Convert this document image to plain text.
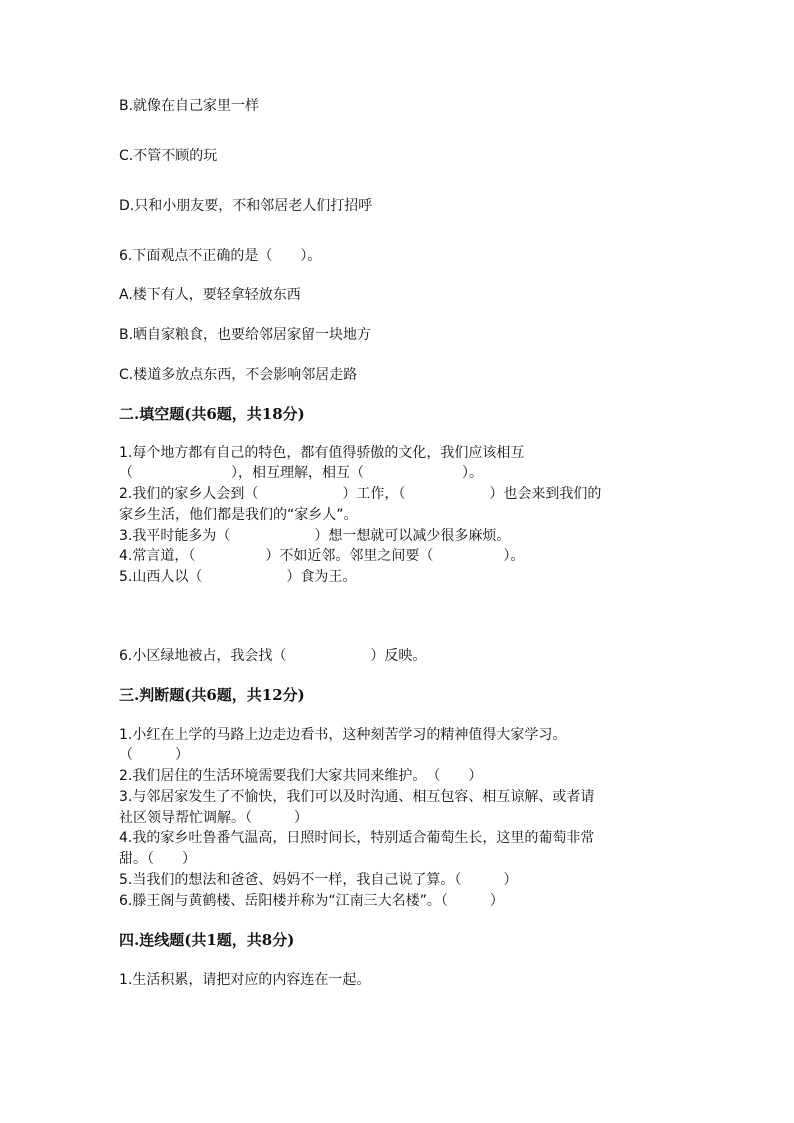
B.就像在自己家里一样
C.不管不顾的玩
D.只和小朋友要，不和邻居老人们打招呼
6.下面观点不正确的是（　　）。
A.楼下有人，要轻拿轻放东西
B.晒自家粮食，也要给邻居家留一块地方
C.楼道多放点东西，不会影响邻居走路
二.填空题(共6题，共18分)
1.每个地方都有自己的特色，都有值得骄傲的文化，我们应该相互
（　　　　　　　），相互理解，相互（　　　　　　　）。
2.我们的家乡人会到（　　　　　　）工作，（　　　　　　）也会来到我们的
家乡生活，他们都是我们的“家乡人”。
3.我平时能多为（　　　　　　）想一想就可以减少很多麻烦。
4.常言道，（　　　　　）不如近邻。邻里之间要（　　　　　）。
5.山西人以（　　　　　　）食为王。
6.小区绿地被占，我会找（　　　　　　）反映。
三.判断题(共6题，共12分)
1.小红在上学的马路上边走边看书，这种刻苦学习的精神值得大家学习。
（　　　）
2.我们居住的生活环境需要我们大家共同来维护。　（　　）
3.与邻居家发生了不愉快，我们可以及时沟通、相互包容、相互谅解、或者请
社区领导帮忙调解。（　　　）
4.我的家乡吐鲁番气温高，日照时间长，特别适合葡萄生长，这里的葡萄非常
甜。（　　）
5.当我们的想法和爸爸、妈妈不一样，我自己说了算。（　　　）
6.滕王阁与黄鹤楼、岳阳楼并称为“江南三大名楼”。（　　　）
四.连线题(共1题，共8分)
1.生活积累，请把对应的内容连在一起。
